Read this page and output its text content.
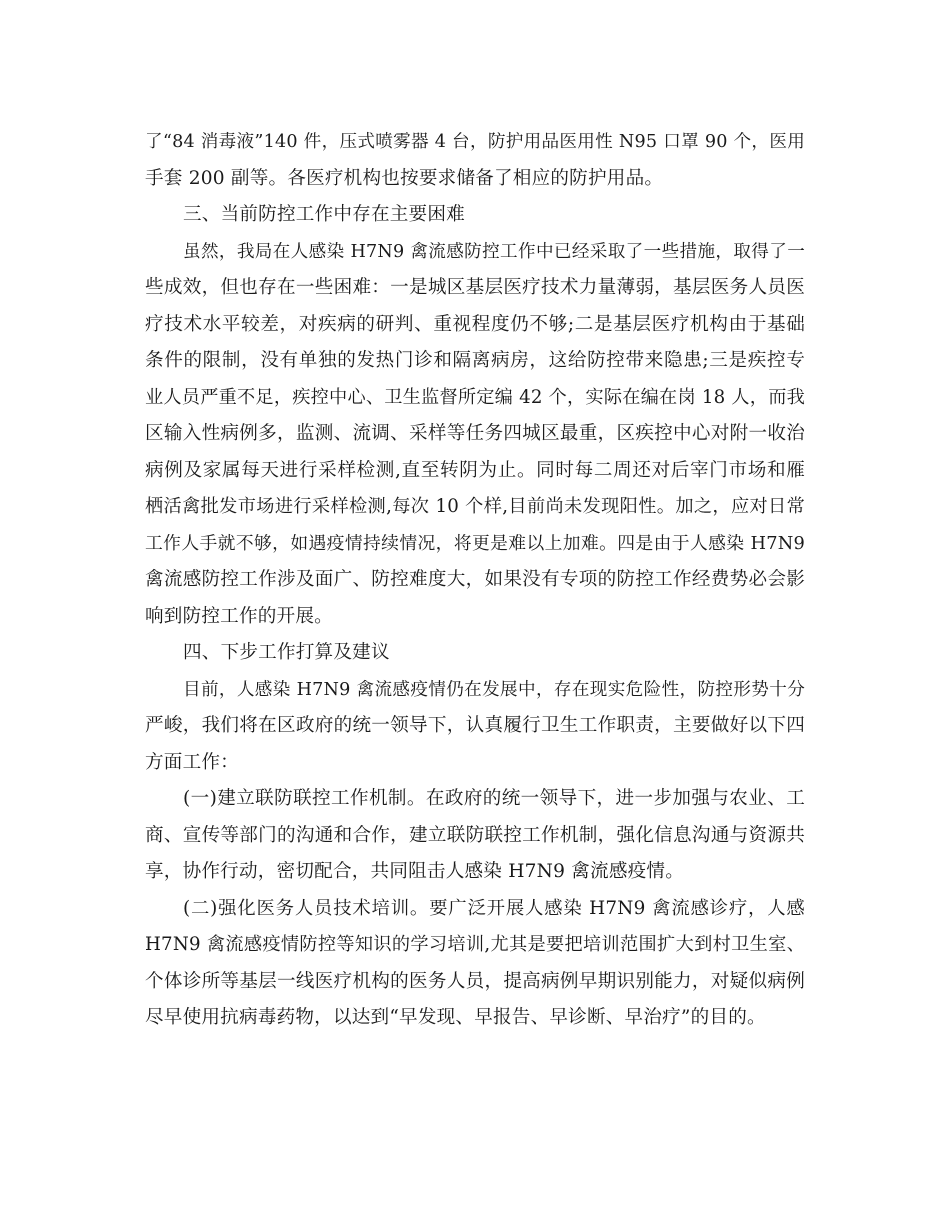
了“84 消毒液”140 件，压式喷雾器 4 台，防护用品医用性 N95 口罩 90 个，医用
手套 200 副等。各医疗机构也按要求储备了相应的防护用品。
三、当前防控工作中存在主要困难
虽然，我局在人感染 H7N9 禽流感防控工作中已经采取了一些措施，取得了一
些成效，但也存在一些困难：一是城区基层医疗技术力量薄弱，基层医务人员医
疗技术水平较差，对疾病的研判、重视程度仍不够;二是基层医疗机构由于基础
条件的限制，没有单独的发热门诊和隔离病房，这给防控带来隐患;三是疾控专
业人员严重不足，疾控中心、卫生监督所定编 42 个，实际在编在岗 18 人，而我
区输入性病例多，监测、流调、采样等任务四城区最重，区疾控中心对附一收治
病例及家属每天进行采样检测,直至转阴为止。同时每二周还对后宰门市场和雁
栖活禽批发市场进行采样检测,每次 10 个样,目前尚未发现阳性。加之，应对日常
工作人手就不够，如遇疫情持续情况，将更是难以上加难。四是由于人感染 H7N9
禽流感防控工作涉及面广、防控难度大，如果没有专项的防控工作经费势必会影
响到防控工作的开展。
四、下步工作打算及建议
目前，人感染 H7N9 禽流感疫情仍在发展中，存在现实危险性，防控形势十分
严峻，我们将在区政府的统一领导下，认真履行卫生工作职责，主要做好以下四
方面工作：
(一)建立联防联控工作机制。在政府的统一领导下，进一步加强与农业、工
商、宣传等部门的沟通和合作，建立联防联控工作机制，强化信息沟通与资源共
享，协作行动，密切配合，共同阻击人感染 H7N9 禽流感疫情。
(二)强化医务人员技术培训。要广泛开展人感染 H7N9 禽流感诊疗，人感
H7N9 禽流感疫情防控等知识的学习培训,尤其是要把培训范围扩大到村卫生室、
个体诊所等基层一线医疗机构的医务人员，提高病例早期识别能力，对疑似病例
尽早使用抗病毒药物，以达到“早发现、早报告、早诊断、早治疗”的目的。
